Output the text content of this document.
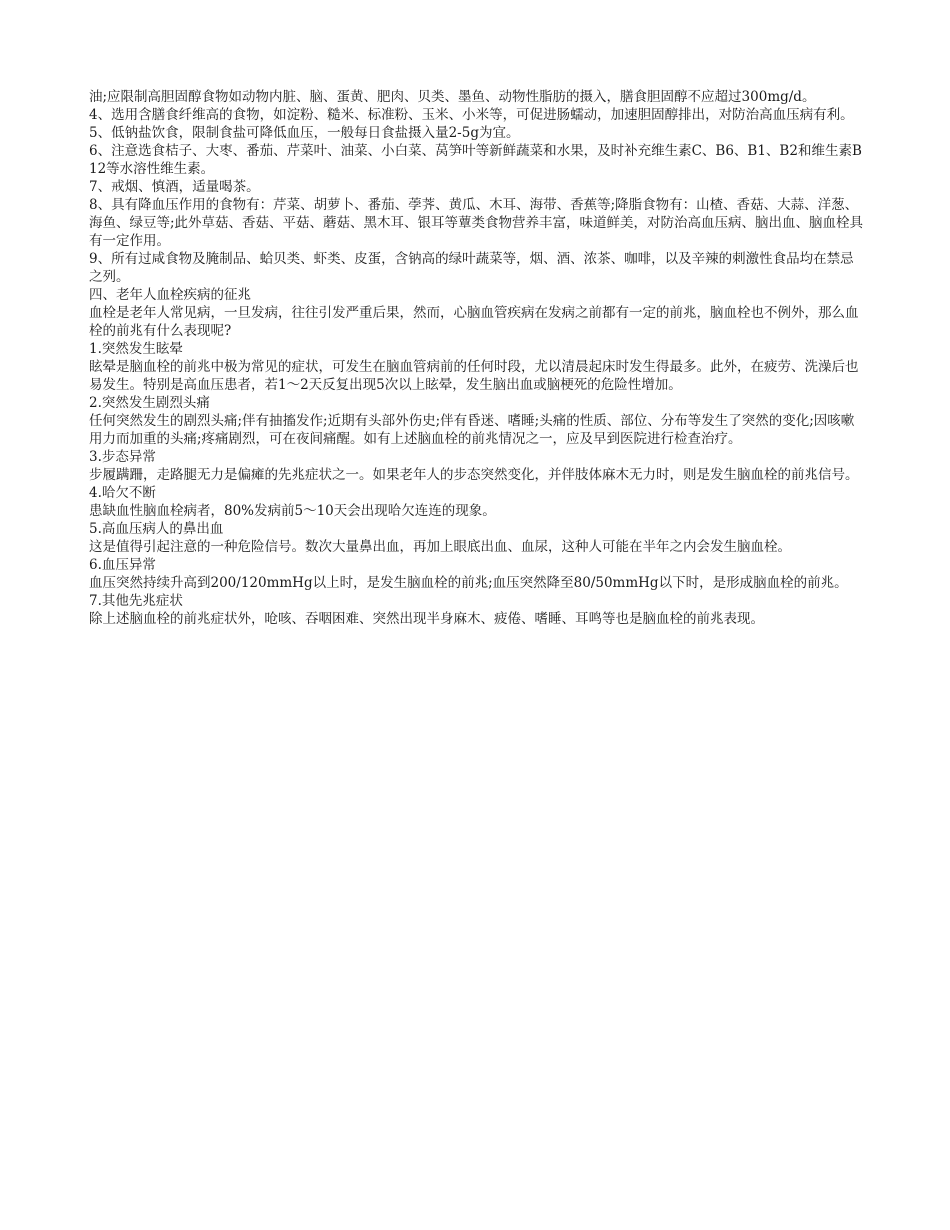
油;应限制高胆固醇食物如动物内脏、脑、蛋黄、肥肉、贝类、墨鱼、动物性脂肪的摄入，膳食胆固醇不应超过300mg/d。

4、选用含膳食纤维高的食物，如淀粉、糙米、标准粉、玉米、小米等，可促进肠蠕动，加速胆固醇排出，对防治高血压病有利。

5、低钠盐饮食，限制食盐可降低血压，一般每日食盐摄入量2-5g为宜。

6、注意选食桔子、大枣、番茄、芹菜叶、油菜、小白菜、莴笋叶等新鲜蔬菜和水果，及时补充维生素C、B6、B1、B2和维生素B12等水溶性维生素。

7、戒烟、慎酒，适量喝茶。

8、具有降血压作用的食物有：芹菜、胡萝卜、番茄、荸荠、黄瓜、木耳、海带、香蕉等;降脂食物有：山楂、香菇、大蒜、洋葱、海鱼、绿豆等;此外草菇、香菇、平菇、蘑菇、黑木耳、银耳等蕈类食物营养丰富，味道鲜美，对防治高血压病、脑出血、脑血栓具有一定作用。

9、所有过咸食物及腌制品、蛤贝类、虾类、皮蛋，含钠高的绿叶蔬菜等，烟、酒、浓茶、咖啡，以及辛辣的刺激性食品均在禁忌之列。

四、老年人血栓疾病的征兆

血栓是老年人常见病，一旦发病，往往引发严重后果，然而，心脑血管疾病在发病之前都有一定的前兆，脑血栓也不例外，那么血栓的前兆有什么表现呢?

1.突然发生眩晕

眩晕是脑血栓的前兆中极为常见的症状，可发生在脑血管病前的任何时段，尤以清晨起床时发生得最多。此外，在疲劳、洗澡后也易发生。特别是高血压患者，若1～2天反复出现5次以上眩晕，发生脑出血或脑梗死的危险性增加。

2.突然发生剧烈头痛

任何突然发生的剧烈头痛;伴有抽搐发作;近期有头部外伤史;伴有昏迷、嗜睡;头痛的性质、部位、分布等发生了突然的变化;因咳嗽用力而加重的头痛;疼痛剧烈，可在夜间痛醒。如有上述脑血栓的前兆情况之一，应及早到医院进行检查治疗。

3.步态异常

步履蹒跚，走路腿无力是偏瘫的先兆症状之一。如果老年人的步态突然变化，并伴肢体麻木无力时，则是发生脑血栓的前兆信号。

4.哈欠不断

患缺血性脑血栓病者，80%发病前5～10天会出现哈欠连连的现象。

5.高血压病人的鼻出血

这是值得引起注意的一种危险信号。数次大量鼻出血，再加上眼底出血、血尿，这种人可能在半年之内会发生脑血栓。

6.血压异常

血压突然持续升高到200/120mmHg以上时，是发生脑血栓的前兆;血压突然降至80/50mmHg以下时，是形成脑血栓的前兆。

7.其他先兆症状

除上述脑血栓的前兆症状外，呛咳、吞咽困难、突然出现半身麻木、疲倦、嗜睡、耳鸣等也是脑血栓的前兆表现。
